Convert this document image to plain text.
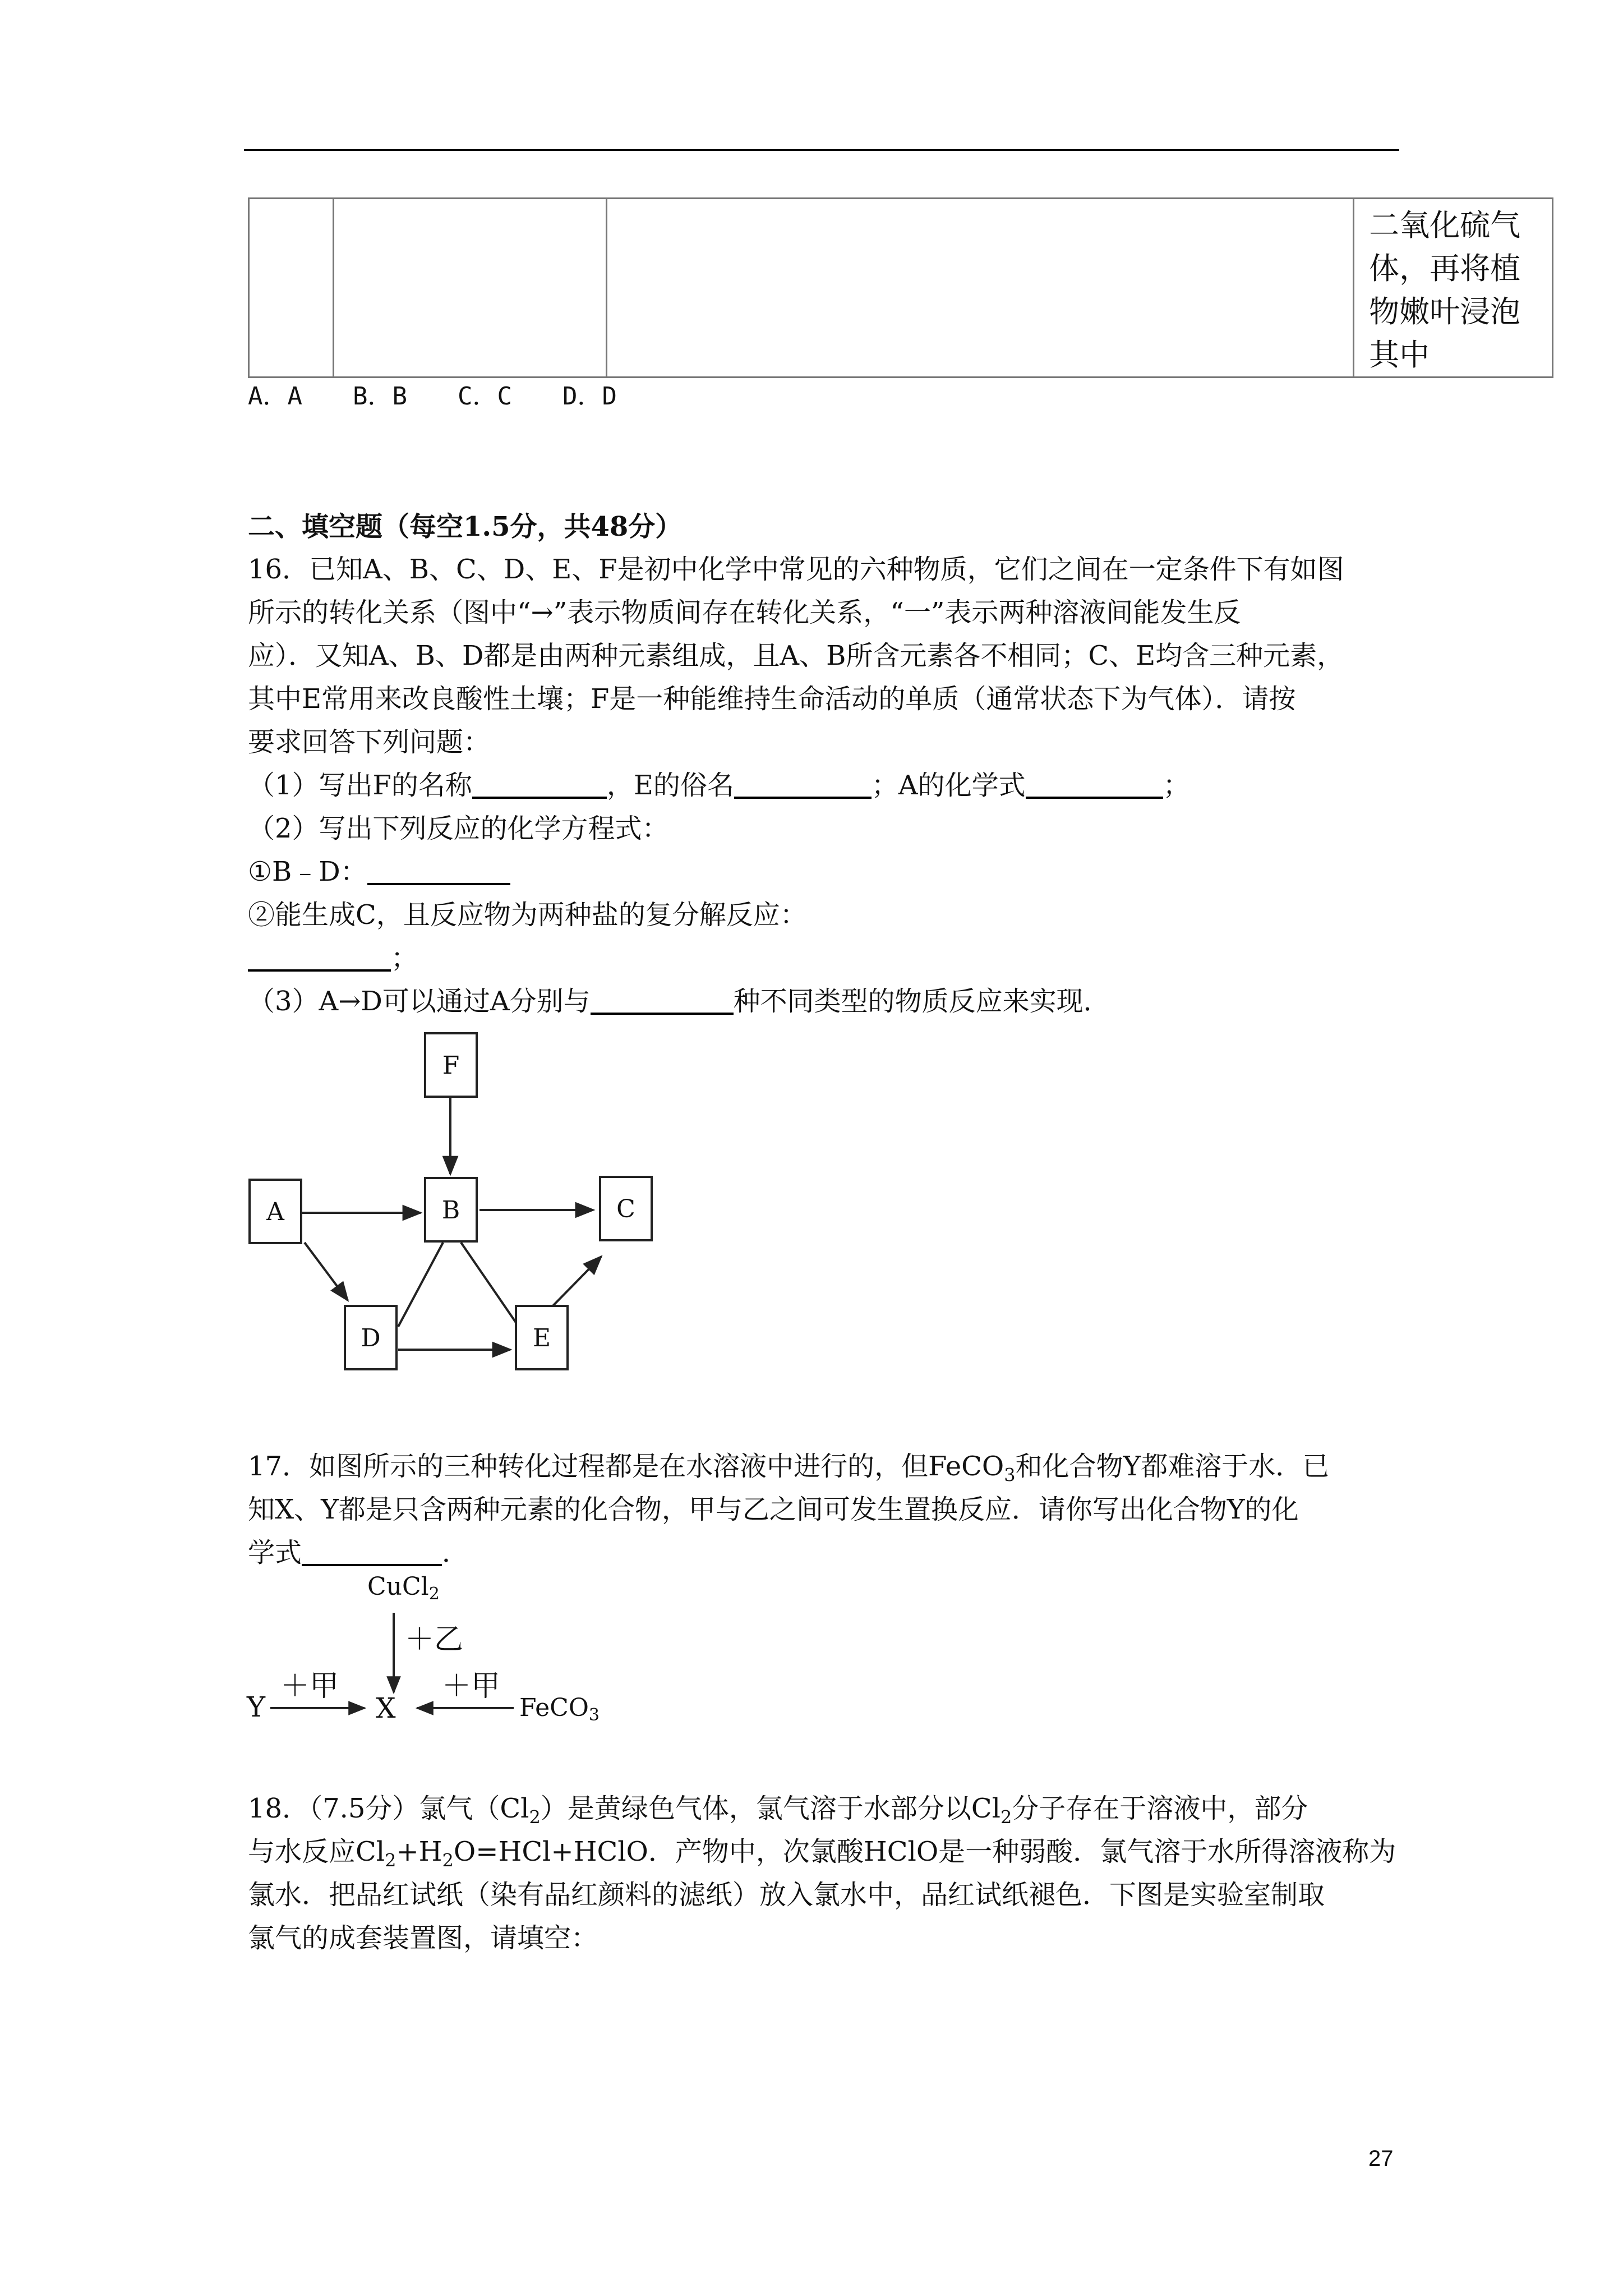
二氧化硫气体，再将植物嫩叶浸泡其中
A．A B．B C．C D．D
二、填空题（每空1.5分，共48分）
16．已知A、B、C、D、E、F是初中化学中常见的六种物质，它们之间在一定条件下有如图
所示的转化关系（图中“→”表示物质间存在转化关系，“一”表示两种溶液间能发生反
应）．又知A、B、D都是由两种元素组成，且A、B所含元素各不相同；C、E均含三种元素，
其中E常用来改良酸性土壤；F是一种能维持生命活动的单质（通常状态下为气体）．请按
要求回答下列问题：
（1）写出F的名称	，E的俗名	；A的化学式	；
（2）写出下列反应的化学方程式：
①B﹣D：
②能生成C，且反应物为两种盐的复分解反应：
；
（3）A→D可以通过A分别与	种不同类型的物质反应来实现．
F
A	B	C
D	E
17．如图所示的三种转化过程都是在水溶液中进行的，但FeCO$_3$和化合物Y都难溶于水．已
知X、Y都是只含两种元素的化合物，甲与乙之间可发生置换反应．请你写出化合物Y的化
学式	．
CuCl2
＋乙
Y
＋甲
X
＋甲
FeCO3
18．（7.5分）氯气$(Cl_2)$是黄绿色气体，氯气溶于水部分以$Cl_2$分子存在于溶液中，部分
与水反应$Cl_2+H_2O=HCl+HClO$．产物中，次氯酸HClO是一种弱酸．氯气溶于水所得溶液称为
氯水．把品红试纸（染有品红颜料的滤纸）放入氯水中，品红试纸褪色．下图是实验室制取
氯气的成套装置图，请填空：
27
